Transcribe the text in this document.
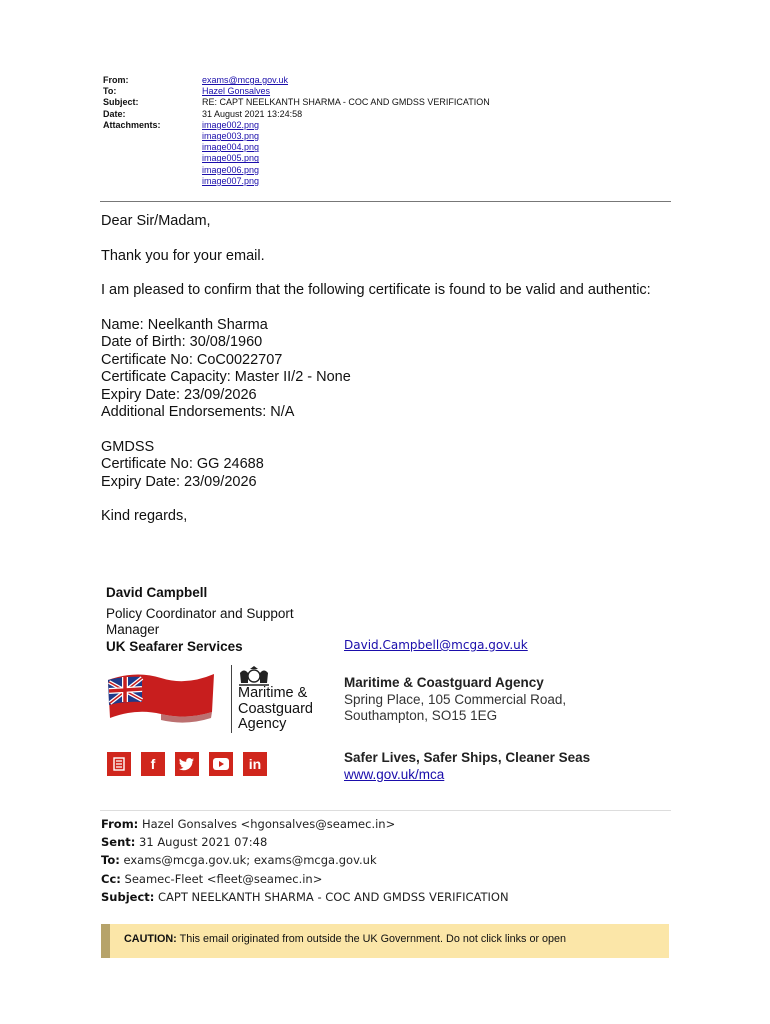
From:	exams@mcga.gov.uk
To:	Hazel Gonsalves
Subject:	RE: CAPT NEELKANTH SHARMA - COC AND GMDSS VERIFICATION
Date:	31 August 2021 13:24:58
Attachments:	image002.png
image003.png
image004.png
image005.png
image006.png
image007.png

Dear Sir/Madam,

Thank you for your email.

I am pleased to confirm that the following certificate is found to be valid and authentic:

Name: Neelkanth Sharma
Date of Birth: 30/08/1960
Certificate No: CoC0022707
Certificate Capacity: Master II/2 - None
Expiry Date: 23/09/2026
Additional Endorsements: N/A

GMDSS
Certificate No: GG 24688
Expiry Date: 23/09/2026

Kind regards,

David Campbell
Policy Coordinator and Support Manager
UK Seafarer Services	David.Campbell@mcga.gov.uk
Maritime &
Coastguard
Agency
Maritime & Coastguard Agency
Spring Place, 105 Commercial Road,
Southampton, SO15 1EG
f	in	Safer Lives, Safer Ships, Cleaner Seas
www.gov.uk/mca
From: Hazel Gonsalves <hgonsalves@seamec.in>
Sent: 31 August 2021 07:48
To: exams@mcga.gov.uk; exams@mcga.gov.uk
Cc: Seamec-Fleet <fleet@seamec.in>
Subject: CAPT NEELKANTH SHARMA - COC AND GMDSS VERIFICATION
CAUTION: This email originated from outside the UK Government. Do not click links or open
